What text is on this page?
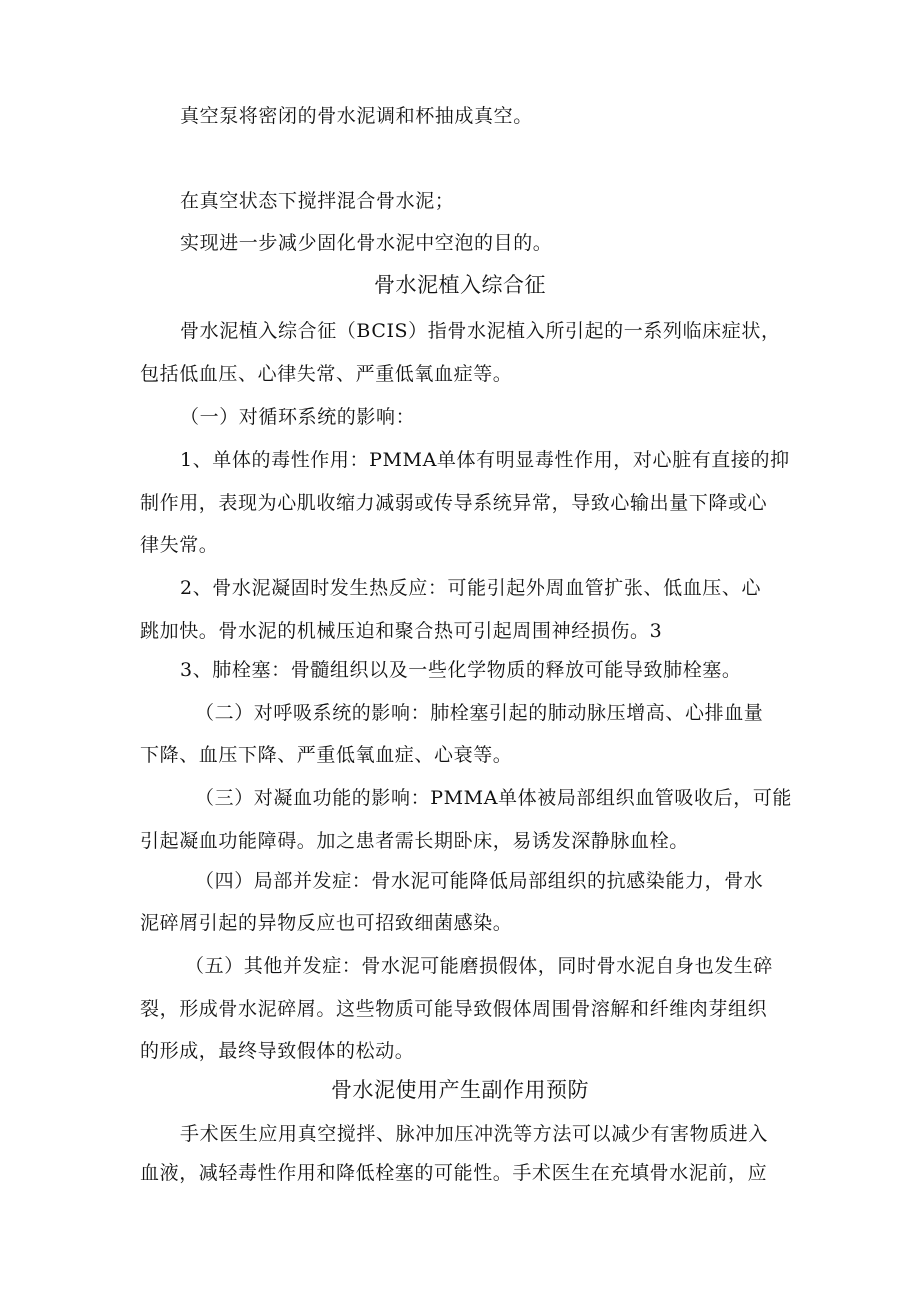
真空泵将密闭的骨水泥调和杯抽成真空。
在真空状态下搅拌混合骨水泥；
实现进一步减少固化骨水泥中空泡的目的。
骨水泥植入综合征
骨水泥植入综合征（BCIS）指骨水泥植入所引起的一系列临床症状，
包括低血压、心律失常、严重低氧血症等。
（一）对循环系统的影响：
1、单体的毒性作用：PMMA单体有明显毒性作用，对心脏有直接的抑
制作用，表现为心肌收缩力减弱或传导系统异常，导致心输出量下降或心
律失常。
2、骨水泥凝固时发生热反应：可能引起外周血管扩张、低血压、心
跳加快。骨水泥的机械压迫和聚合热可引起周围神经损伤。3
3、肺栓塞：骨髓组织以及一些化学物质的释放可能导致肺栓塞。
（二）对呼吸系统的影响：肺栓塞引起的肺动脉压增高、心排血量
下降、血压下降、严重低氧血症、心衰等。
（三）对凝血功能的影响：PMMA单体被局部组织血管吸收后，可能
引起凝血功能障碍。加之患者需长期卧床，易诱发深静脉血栓。
（四）局部并发症：骨水泥可能降低局部组织的抗感染能力，骨水
泥碎屑引起的异物反应也可招致细菌感染。
（五）其他并发症：骨水泥可能磨损假体，同时骨水泥自身也发生碎
裂，形成骨水泥碎屑。这些物质可能导致假体周围骨溶解和纤维肉芽组织
的形成，最终导致假体的松动。
骨水泥使用产生副作用预防
手术医生应用真空搅拌、脉冲加压冲洗等方法可以减少有害物质进入
血液，减轻毒性作用和降低栓塞的可能性。手术医生在充填骨水泥前，应
